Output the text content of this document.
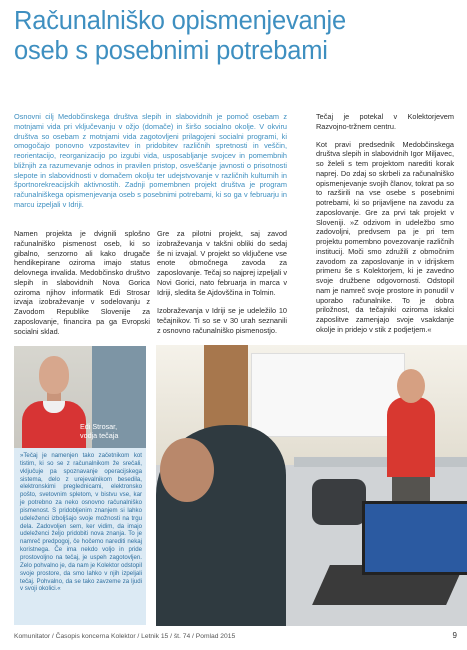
Računalniško opismenjevanje
oseb s posebnimi potrebami
Osnovni cilj Medobčinskega društva slepih in slabovidnih je pomoč osebam z motnjami vida pri vključevanju v ožjo (domače) in širšo socialno okolje. V okviru društva so osebam z motnjami vida zagotovljeni prilagojeni socialni programi, ki omogočajo ponovno vzpostavitev in pridobitev različnih spretnosti in veščin, reorientacijo, reorganizacijo po izgubi vida, usposabljanje svojcev in pomembnih bližnjih za razumevanje odnos in pravilen pristop, osveščanje javnosti o prisotnosti slepote in slabovidnosti v domačem okolju ter udejstvovanje v različnih kulturnih in športnorekreacijskih aktivnostih. Zadnji pomembnen projekt društva je program računalniškega opismenjevanja oseb s posebnimi potrebami, ki so ga v februarju in marcu izpeljali v Idriji.

Namen projekta je dvignili splošno računalniško pismenost oseb, ki so gibalno, senzorno ali kako drugače hendikepirane oziroma imajo status delovnega invalida. Medobčinsko društvo slepih in slabovidnih Nova Gorica oziroma njihov informatik Edi Strosar izvaja izobraževanje v sodelovanju z Zavodom Republike Slovenije za zaposlovanje, financira pa ga Evropski socialni sklad.

Gre za pilotni projekt, saj zavod izobraževanja v takšni obliki do sedaj še ni izvajal. V projekt so vključene vse enote območnega zavoda za zaposlovanje. Tečaj so najprej izpeljali v Novi Gorici, nato februarja in marca v Idriji, sledita še Ajdovščina in Tolmin.

Izobraževanja v Idriji se je udeležilo 10 tečajnikov. Ti so se v 30 urah seznanili z osnovno računalniško pismenostjo.

Tečaj je potekal v Kolektorjevem Razvojno-tržnem centru.

Kot pravi predsednik Medobčinskega društva slepih in slabovidnih Igor Miljavec, so želeli s tem projektom narediti korak naprej. Do zdaj so skrbeli za računalniško opismenjevanje svojih članov, tokrat pa so to razširili na vse osebe s posebnimi potrebami, ki so prijavljene na zavodu za zaposlovanje. Gre za prvi tak projekt v Sloveniji. »Z odzivom in udeležbo smo zadovoljni, predvsem pa je pri tem projektu pomembno povezovanje različnih institucij. Moči smo združili z območnim zavodom za zaposlovanje in v idrijskem primeru še s Kolektorjem, ki je zavedno svoje družbene odgovornosti. Odstopil nam je namreč svoje prostore in ponudil v uporabo računalnike. To je dobra priložnost, da tečajniki oziroma iskalci zaposlitve zamenjajo svoje vsakdanje okolje in pridejo v stik z podjetjem.«

Edi Strosar,
vodja tečaja
»Tečaj je namenjen tako začetnikom kot tistim, ki so se z računalnikom že srečali, vključuje pa spoznavanje operacijskega sistema, delo z urejevalnikom besedila, elektronskimi preglednicami, elektronsko pošto, svetovnim spletom, v bistvu vse, kar je potrebno za neko osnovno računalniško pismenost. S pridobljenim znanjem si lahko udeleženci izboljšajo svoje možnosti na trgu dela. Zadovoljen sem, ker vidim, da imajo udeleženci željo pridobiti nova znanja. To je namreč predpogoj, če hočemo narediti nekaj koristnega. Če ima nekdo voljo in pride prostovoljno na tečaj, je uspeh zagotovljen. Zelo pohvalno je, da nam je Kolektor odstopil svoje prostore, da smo lahko v njih izpeljali tečaj. Pohvalno, da se tako zavzeme za ljudi v svoji okolici.«
Komunitator / Časopis koncerna Kolektor / Letnik 15 / št. 74 / Pomlad 2015	9
